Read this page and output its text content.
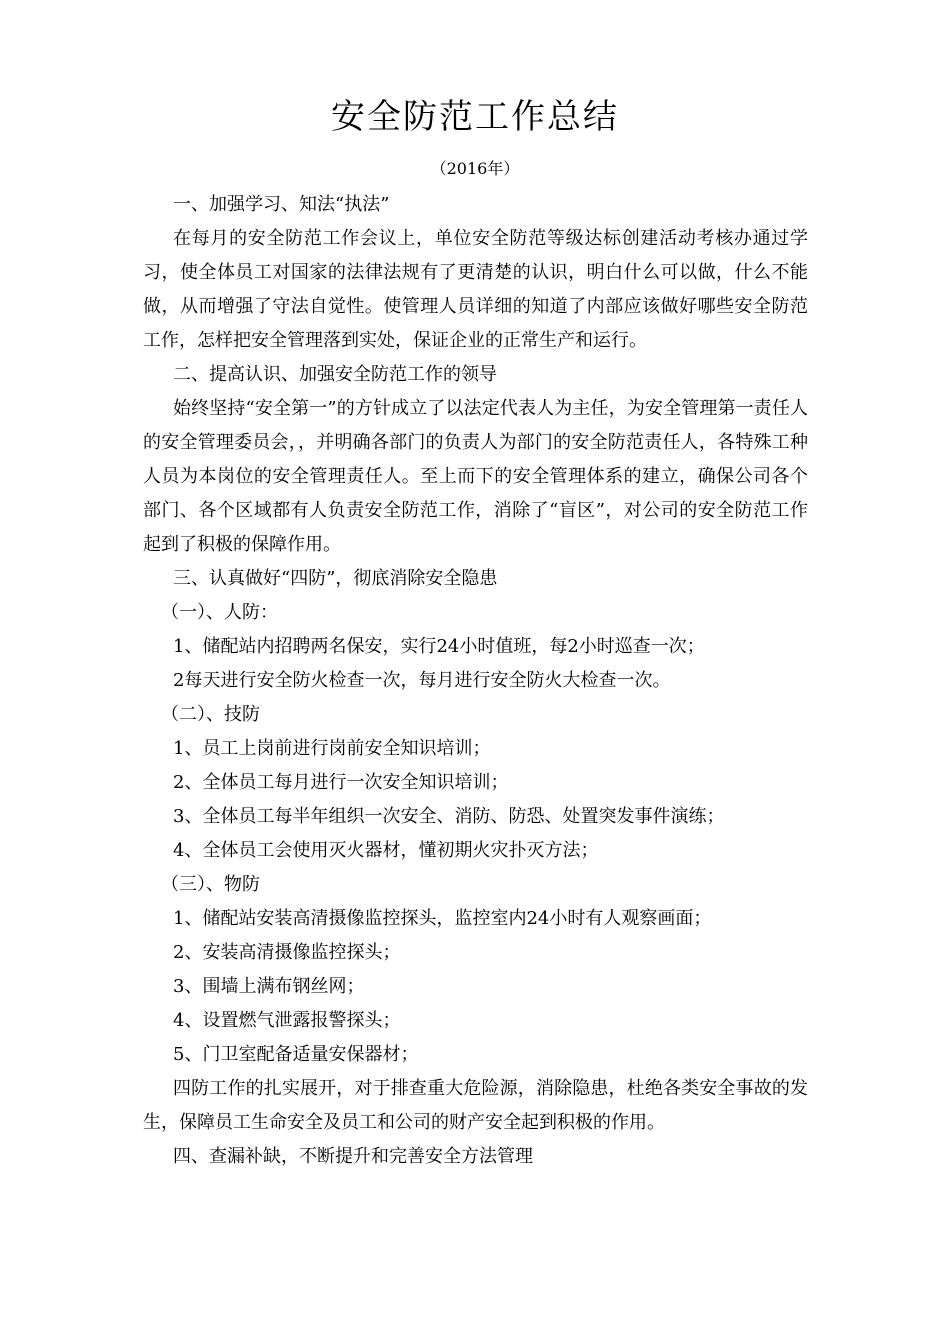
安全防范工作总结
（2016年）

一、加强学习、知法“执法”

在每月的安全防范工作会议上，单位安全防范等级达标创建活动考核办通过学习，使全体员工对国家的法律法规有了更清楚的认识，明白什么可以做，什么不能做，从而增强了守法自觉性。使管理人员详细的知道了内部应该做好哪些安全防范工作，怎样把安全管理落到实处，保证企业的正常生产和运行。

二、提高认识、加强安全防范工作的领导

始终坚持“安全第一”的方针成立了以法定代表人为主任，为安全管理第一责任人的安全管理委员会，，并明确各部门的负责人为部门的安全防范责任人，各特殊工种人员为本岗位的安全管理责任人。至上而下的安全管理体系的建立，确保公司各个部门、各个区域都有人负责安全防范工作，消除了“盲区”，对公司的安全防范工作起到了积极的保障作用。

三、认真做好“四防”，彻底消除安全隐患

（一）、人防：

1、储配站内招聘两名保安，实行24小时值班，每2小时巡查一次；

2每天进行安全防火检查一次，每月进行安全防火大检查一次。

（二）、技防

1、员工上岗前进行岗前安全知识培训；

2、全体员工每月进行一次安全知识培训；

3、全体员工每半年组织一次安全、消防、防恐、处置突发事件演练；

4、全体员工会使用灭火器材，懂初期火灾扑灭方法；

（三）、物防

1、储配站安装高清摄像监控探头，监控室内24小时有人观察画面；

2、安装高清摄像监控探头；

3、围墙上满布钢丝网；

4、设置燃气泄露报警探头；

5、门卫室配备适量安保器材；

四防工作的扎实展开，对于排查重大危险源，消除隐患，杜绝各类安全事故的发生，保障员工生命安全及员工和公司的财产安全起到积极的作用。

四、查漏补缺，不断提升和完善安全方法管理
